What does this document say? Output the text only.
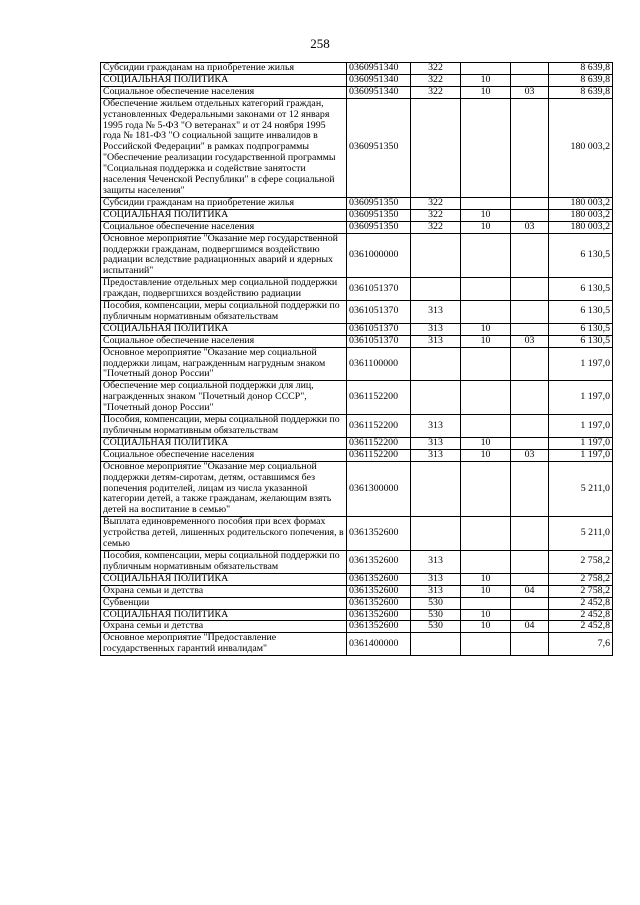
258
Субсидии гражданам на приобретение жилья	0360951340	322			8 639,8
СОЦИАЛЬНАЯ ПОЛИТИКА	0360951340	322	10		8 639,8
Социальное обеспечение населения	0360951340	322	10	03	8 639,8
Обеспечение жильем отдельных категорий граждан, установленных Федеральными законами от 12 января 1995 года № 5-ФЗ "О ветеранах" и от 24 ноября 1995 года № 181-ФЗ "О социальной защите инвалидов в Российской Федерации" в рамках подпрограммы "Обеспечение реализации государственной программы "Социальная поддержка и содействие занятости населения Чеченской Республики" в сфере социальной защиты населения"	0360951350				180 003,2
Субсидии гражданам на приобретение жилья	0360951350	322			180 003,2
СОЦИАЛЬНАЯ ПОЛИТИКА	0360951350	322	10		180 003,2
Социальное обеспечение населения	0360951350	322	10	03	180 003,2
Основное мероприятие "Оказание мер государственной поддержки гражданам, подвергшимся воздействию радиации вследствие радиационных аварий и ядерных испытаний"	0361000000				6 130,5
Предоставление отдельных мер социальной поддержки граждан, подвергшихся воздействию радиации	0361051370				6 130,5
Пособия, компенсации, меры социальной поддержки по публичным нормативным обязательствам	0361051370	313			6 130,5
СОЦИАЛЬНАЯ ПОЛИТИКА	0361051370	313	10		6 130,5
Социальное обеспечение населения	0361051370	313	10	03	6 130,5
Основное мероприятие "Оказание мер социальной поддержки лицам, награжденным нагрудным знаком "Почетный донор России"	0361100000				1 197,0
Обеспечение мер социальной поддержки для лиц, награжденных знаком "Почетный донор СССР", "Почетный донор России"	0361152200				1 197,0
Пособия, компенсации, меры социальной поддержки по публичным нормативным обязательствам	0361152200	313			1 197,0
СОЦИАЛЬНАЯ ПОЛИТИКА	0361152200	313	10		1 197,0
Социальное обеспечение населения	0361152200	313	10	03	1 197,0
Основное мероприятие "Оказание мер социальной поддержки детям-сиротам, детям, оставшимся без попечения родителей, лицам из числа указанной категории детей, а также гражданам, желающим взять детей на воспитание в семью"	0361300000				5 211,0
Выплата единовременного пособия при всех формах устройства детей, лишенных родительского попечения, в семью	0361352600				5 211,0
Пособия, компенсации, меры социальной поддержки по публичным нормативным обязательствам	0361352600	313			2 758,2
СОЦИАЛЬНАЯ ПОЛИТИКА	0361352600	313	10		2 758,2
Охрана семьи и детства	0361352600	313	10	04	2 758,2
Субвенции	0361352600	530			2 452,8
СОЦИАЛЬНАЯ ПОЛИТИКА	0361352600	530	10		2 452,8
Охрана семьи и детства	0361352600	530	10	04	2 452,8
Основное мероприятие "Предоставление государственных гарантий инвалидам"	0361400000				7,6
